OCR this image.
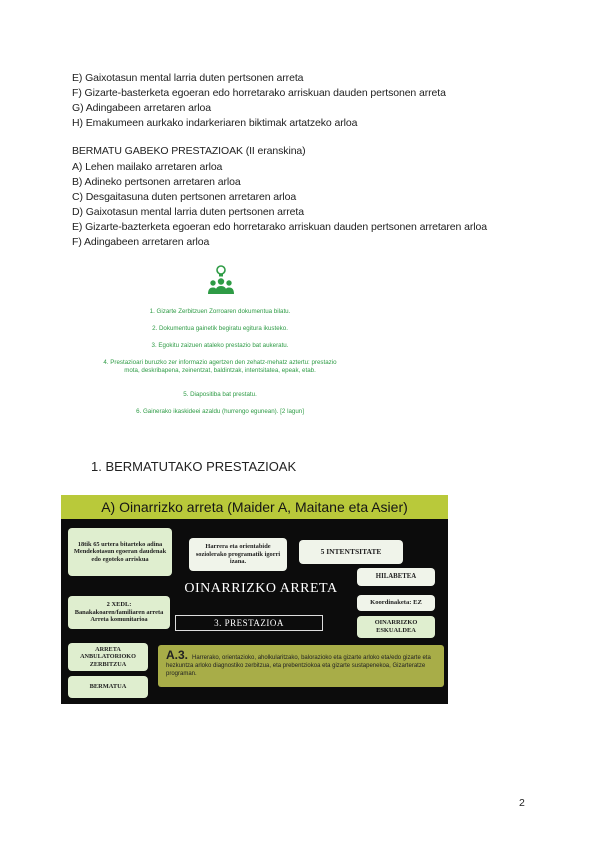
E) Gaixotasun mental larria duten pertsonen arreta
F) Gizarte-basterketa egoeran edo horretarako arriskuan dauden pertsonen arreta
G) Adingabeen arretaren arloa
H) Emakumeen aurkako indarkeriaren biktimak artatzeko arloa
BERMATU GABEKO PRESTAZIOAK (II eranskina)
A) Lehen mailako arretaren arloa
B) Adineko pertsonen arretaren arloa
C) Desgaitasuna duten pertsonen arretaren arloa
D) Gaixotasun mental larria duten pertsonen arreta
E) Gizarte-bazterketa egoeran edo horretarako arriskuan dauden pertsonen arretaren arloa
F) Adingabeen arretaren arloa
1. Gizarte Zerbitzuen Zorroaren dokumentua bilatu.
2. Dokumentua gainetik begiratu egitura ikusteko.
3. Egokitu zaizuen ataleko prestazio bat aukeratu.
4. Prestazioari buruzko zer informazio agertzen den zehatz-mehatz aztertu: prestazio mota, deskribapena, zeinentzat, baldintzak, intentsitatea, epeak, etab.
5. Diapositiba bat prestatu.
6. Gainerako ikaskideei azaldu (hurrengo egunean). [2 lagun]
1. BERMATUTAKO PRESTAZIOAK
A) Oinarrizko arreta (Maider A, Maitane eta Asier)
18tik 65 urtera bitarteko adina
Mendekotasun egoeran daudenak edo egoteko arriskua
Harrera eta orientabide soziolerako programatik igorri izana.
5 INTENTSITATE
HILABETEA
OINARRIZKO ARRETA
Koordinaketa: EZ
2 XEDL:
Banakakoaren/familiaren arreta
Arreta komunitarioa	3. PRESTAZIOA	OINARRIZKO ESKUALDEA
ARRETA ANBULATORIOKO ZERBITZUA
BERMATUA
A.3. Harrerako, orientazioko, aholkularitzako, balorazioko eta gizarte arloko eta/edo gizarte eta hezkuntza arloko diagnostiko zerbitzua, eta prebentziokoa eta gizarte sustapenekoa, Gizarteratze programan.
2
